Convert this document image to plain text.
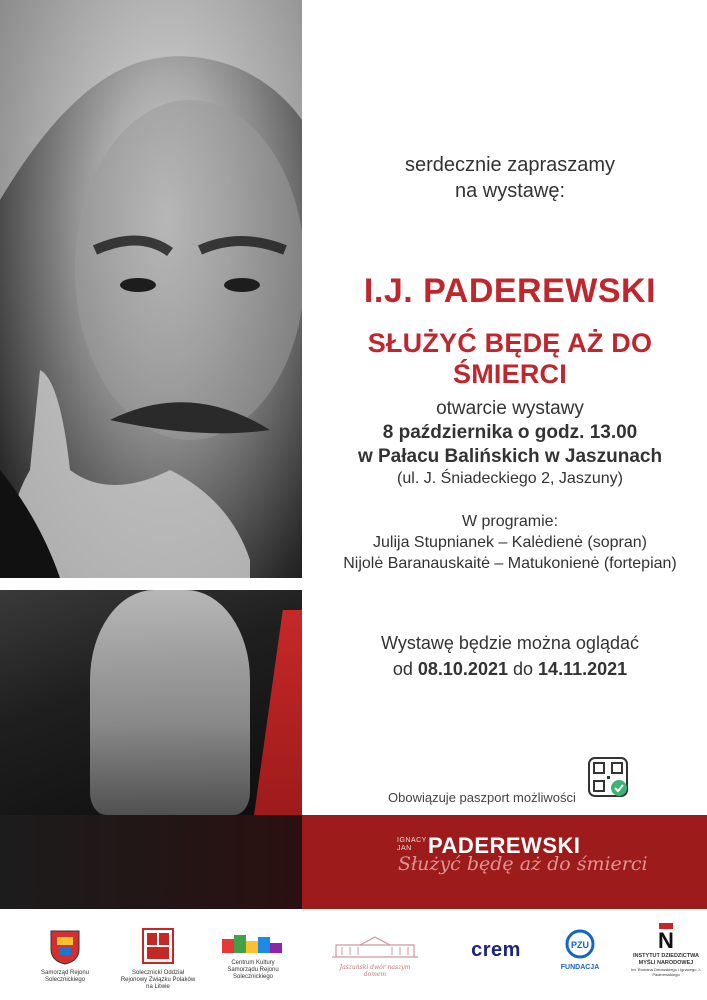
serdecznie zapraszamy
na wystawę:
I.J. PADEREWSKI
SŁUŻYĆ BĘDĘ AŻ DO ŚMIERCI
otwarcie wystawy
8 października o godz. 13.00
w Pałacu Balińskich w Jaszunach
(ul. J. Śniadeckiego 2, Jaszuny)
W programie:
Julija Stupnianek – Kalėdienė (sopran)
Nijolė Baranauskaitė – Matukonienė (fortepian)
Wystawę będzie można oglądać
od 08.10.2021 do 14.11.2021
Obowiązuje paszport możliwości
IGNACY JAN PADEREWSKI
Służyć będę aż do śmierci
Samorząd Rejonu Solecznickiego
Solecznicki Oddział Rejonowy Związku Polaków na Litwie
Centrum Kultury Samorządu Rejonu Solecznickiego
Jaszuński dwór naszym domem
crem	PZU
FUNDACJA
N
INSTYTUT DZIEDZICTWA MYŚLI NARODOWEJ
im. Romana Dmowskiego i Ignacego J. Paderewskiego
